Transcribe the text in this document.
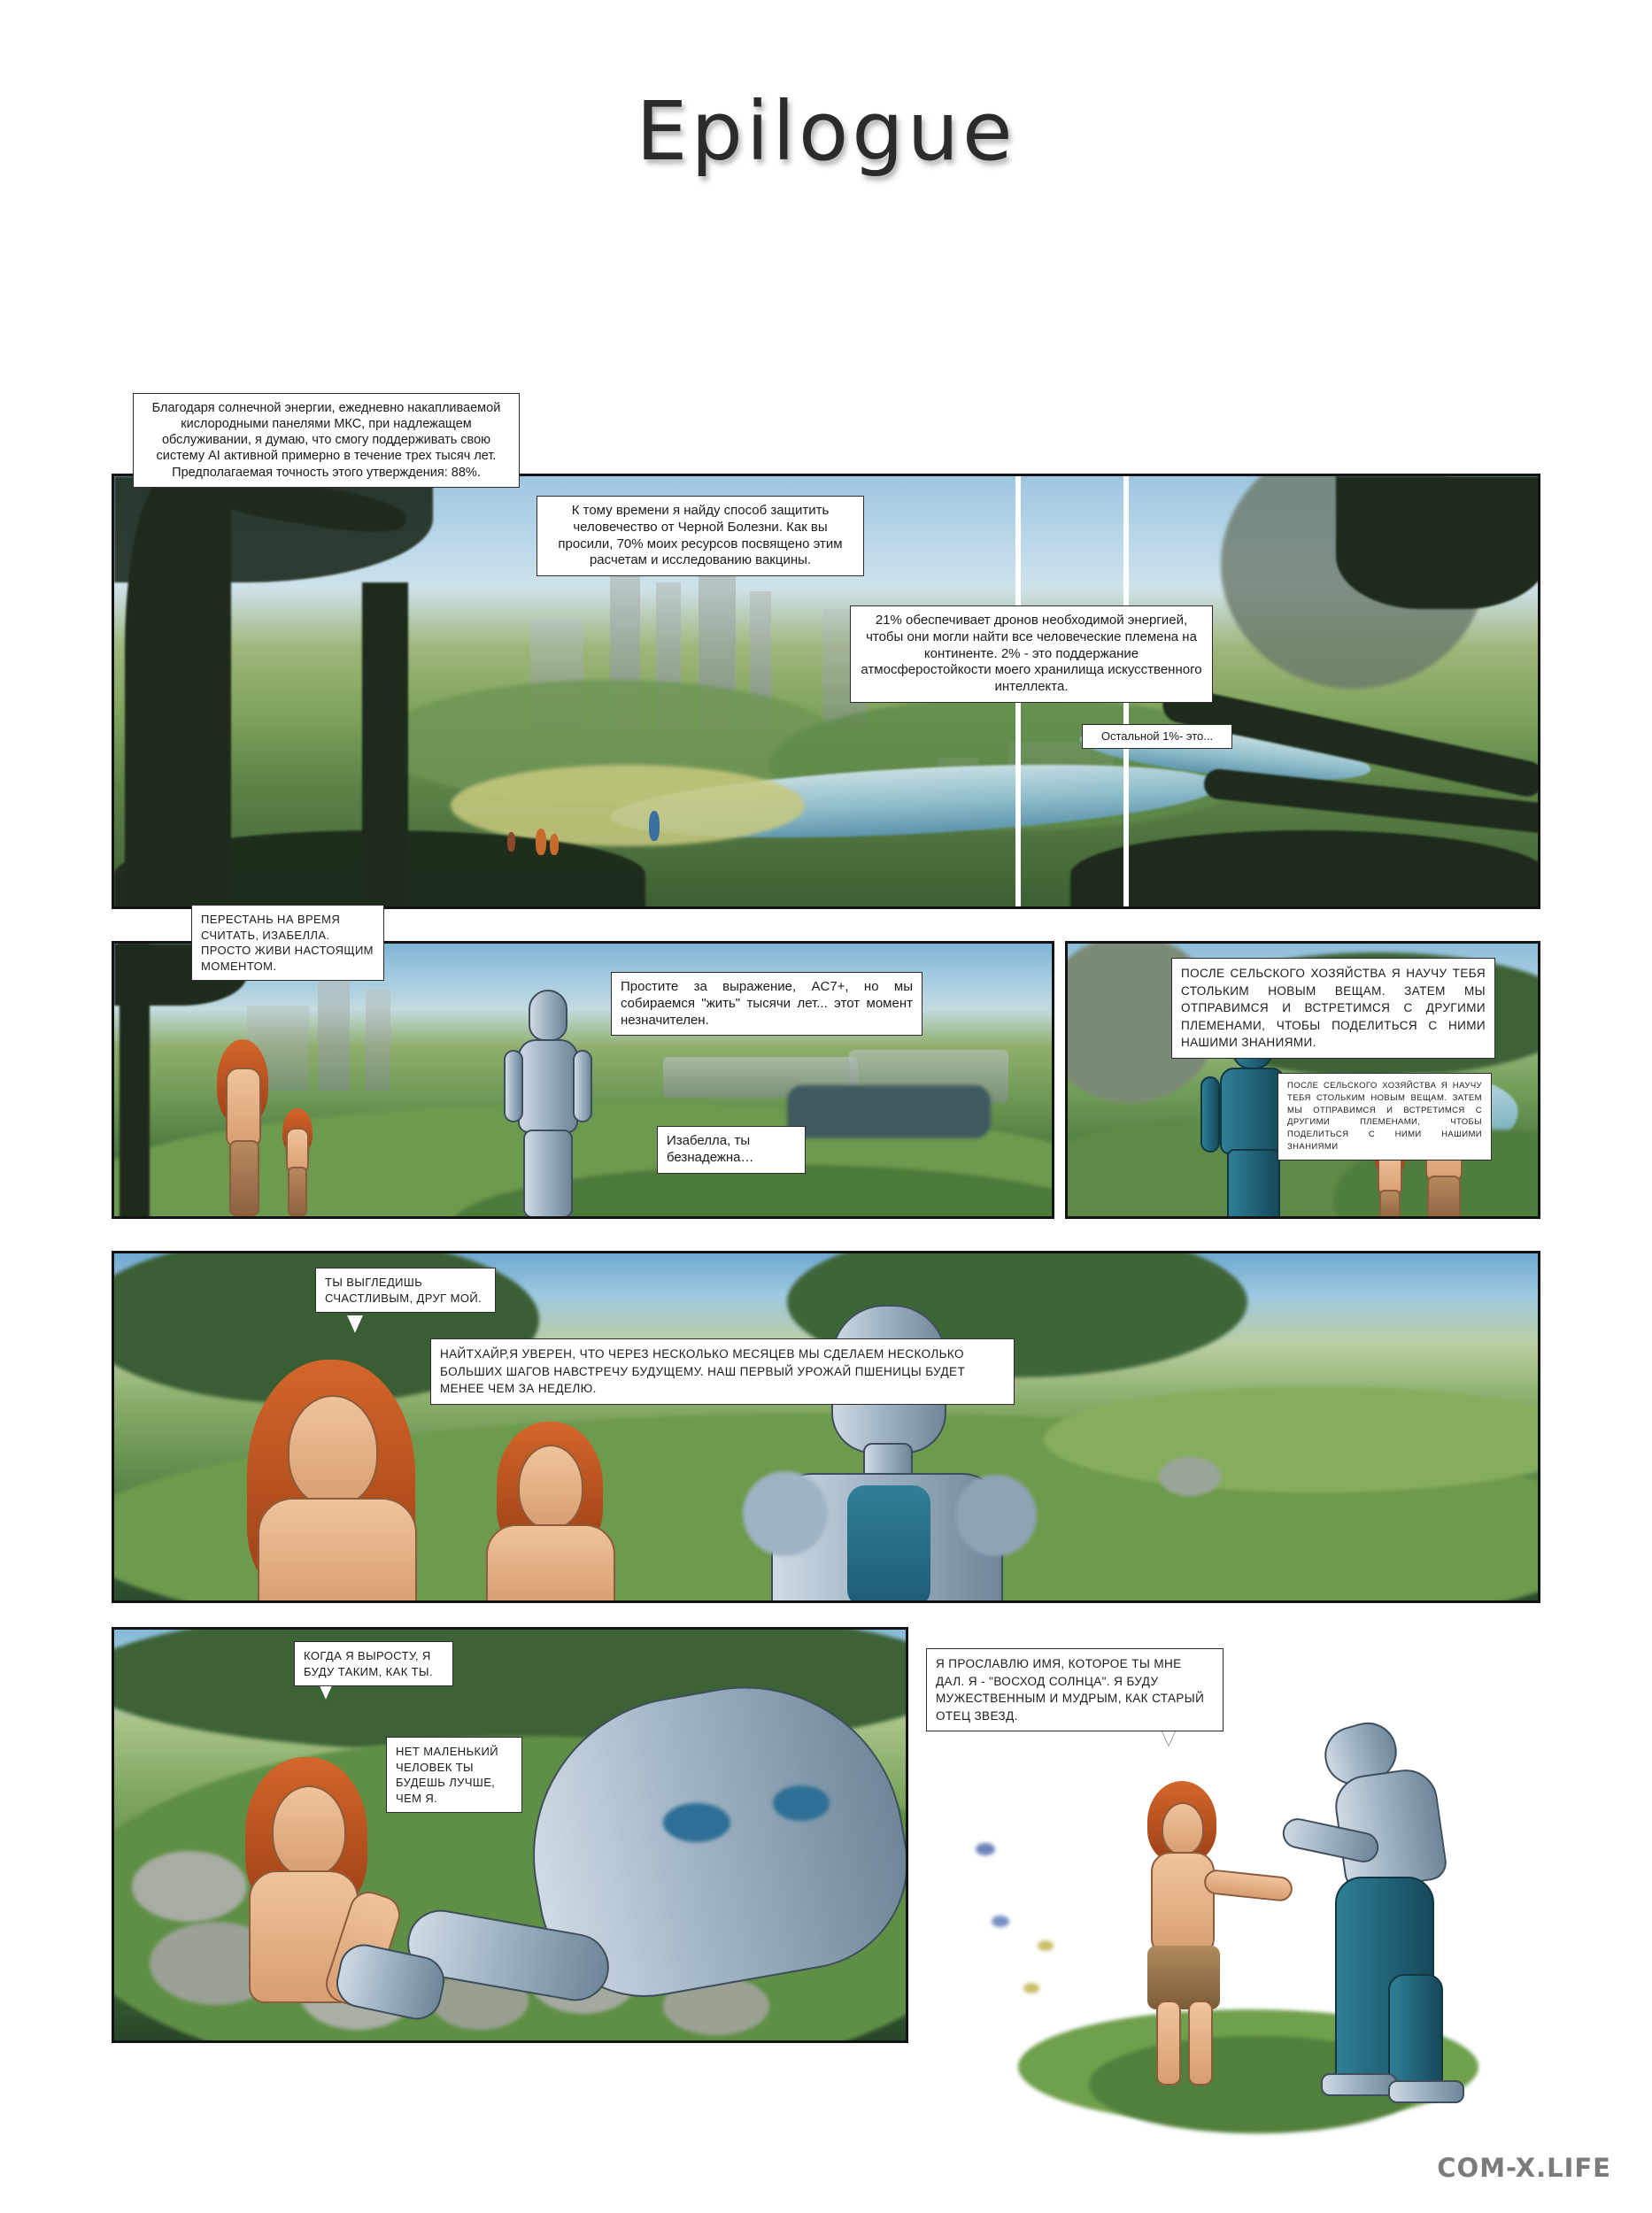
Epilogue
Благодаря солнечной энергии, ежедневно накапливаемой кислородными панелями МКС, при надлежащем обслуживании, я думаю, что смогу поддерживать свою систему AI активной примерно в течение трех тысяч лет. Предполагаемая точность этого утверждения: 88%.
К тому времени я найду способ защитить человечество от Черной Болезни. Как вы просили, 70% моих ресурсов посвящено этим расчетам и исследованию вакцины.
21% обеспечивает дронов необходимой энергией, чтобы они могли найти все человеческие племена на континенте. 2% - это поддержание атмосферостойкости моего хранилища искусственного интеллекта.
Остальной 1%- это...
ПЕРЕСТАНЬ НА ВРЕМЯ СЧИТАТЬ, ИЗАБЕЛЛА. ПРОСТО ЖИВИ НАСТОЯЩИМ МОМЕНТОМ.
Простите за выражение, AC7+, но мы собираемся "жить" тысячи лет... этот момент незначителен.
Изабелла, ты безнадежна…
ПОСЛЕ СЕЛЬСКОГО ХОЗЯЙСТВА Я НАУЧУ ТЕБЯ СТОЛЬКИМ НОВЫМ ВЕЩАМ. ЗАТЕМ МЫ ОТПРАВИМСЯ И ВСТРЕТИМСЯ С ДРУГИМИ ПЛЕМЕНАМИ, ЧТОБЫ ПОДЕЛИТЬСЯ С НИМИ НАШИМИ ЗНАНИЯМИ.
ПОСЛЕ СЕЛЬСКОГО ХОЗЯЙСТВА Я НАУЧУ ТЕБЯ СТОЛЬКИМ НОВЫМ ВЕЩАМ. ЗАТЕМ МЫ ОТПРАВИМСЯ И ВСТРЕТИМСЯ С ДРУГИМИ ПЛЕМЕНАМИ, ЧТОБЫ ПОДЕЛИТЬСЯ С НИМИ НАШИМИ ЗНАНИЯМИ
ТЫ ВЫГЛЕДИШЬ СЧАСТЛИВЫМ, ДРУГ МОЙ.
НАЙТХАЙР,Я УВЕРЕН, ЧТО ЧЕРЕЗ НЕСКОЛЬКО МЕСЯЦЕВ МЫ СДЕЛАЕМ НЕСКОЛЬКО БОЛЬШИХ ШАГОВ НАВСТРЕЧУ БУДУЩЕМУ. НАШ ПЕРВЫЙ УРОЖАЙ ПШЕНИЦЫ БУДЕТ МЕНЕЕ ЧЕМ ЗА НЕДЕЛЮ.
КОГДА Я ВЫРОСТУ, Я БУДУ ТАКИМ, КАК ТЫ.
НЕТ МАЛЕНЬКИЙ ЧЕЛОВЕК ТЫ БУДЕШЬ ЛУЧШЕ, ЧЕМ Я.
Я ПРОСЛАВЛЮ ИМЯ, КОТОРОЕ ТЫ МНЕ ДАЛ. Я - "ВОСХОД СОЛНЦА". Я БУДУ МУЖЕСТВЕННЫМ И МУДРЫМ, КАК СТАРЫЙ ОТЕЦ ЗВЕЗД.
COM-X.LIFE
